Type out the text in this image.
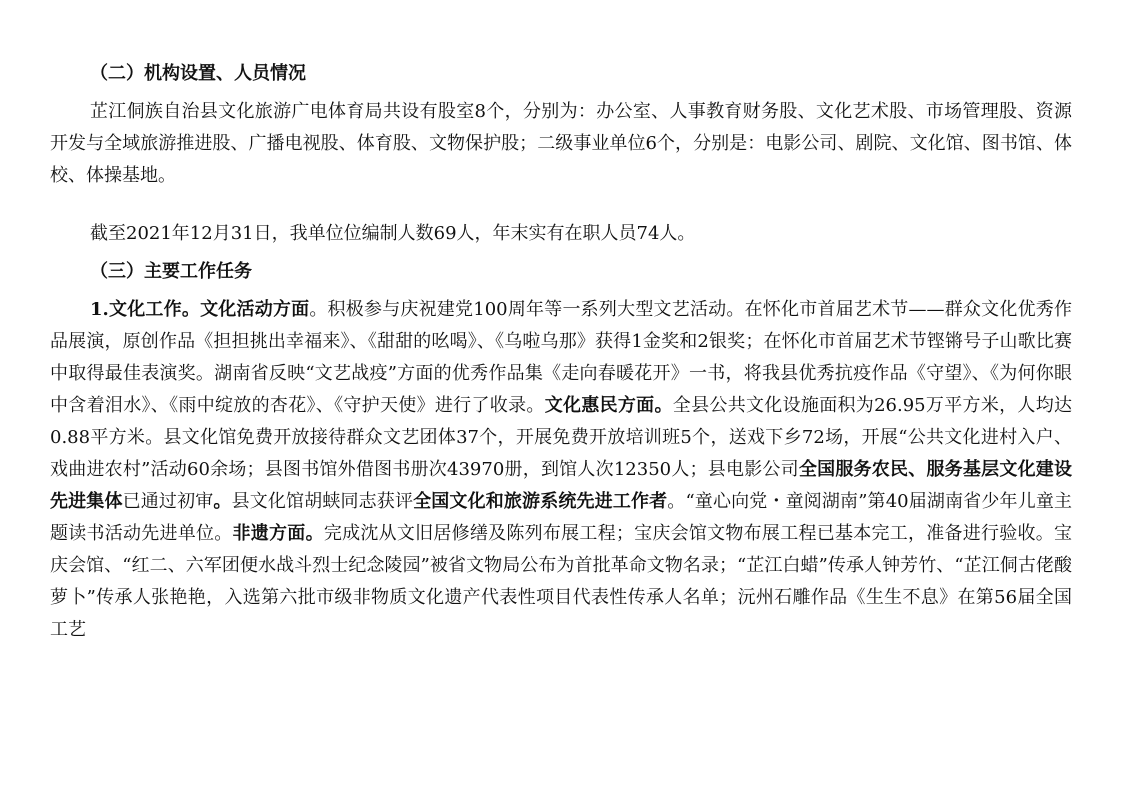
（二）机构设置、人员情况
芷江侗族自治县文化旅游广电体育局共设有股室8个，分别为：办公室、人事教育财务股、文化艺术股、市场管理股、资源开发与全域旅游推进股、广播电视股、体育股、文物保护股；二级事业单位6个，分别是：电影公司、剧院、文化馆、图书馆、体校、体操基地。
截至2021年12月31日，我单位位编制人数69人，年末实有在职人员74人。
（三）主要工作任务
1.文化工作。文化活动方面。积极参与庆祝建党100周年等一系列大型文艺活动。在怀化市首届艺术节——群众文化优秀作品展演，原创作品《担担挑出幸福来》、《甜甜的吆喝》、《乌啦乌那》获得1金奖和2银奖；在怀化市首届艺术节铿锵号子山歌比赛中取得最佳表演奖。湖南省反映“文艺战疫”方面的优秀作品集《走向春暖花开》一书，将我县优秀抗疫作品《守望》、《为何你眼中含着泪水》、《雨中绽放的杏花》、《守护天使》进行了收录。文化惠民方面。全县公共文化设施面积为26.95万平方米，人均达0.88平方米。县文化馆免费开放接待群众文艺团体37个，开展免费开放培训班5个，送戏下乡72场，开展“公共文化进村入户、戏曲进农村”活动60余场；县图书馆外借图书册次43970册，到馆人次12350人；县电影公司全国服务农民、服务基层文化建设先进集体已通过初审。县文化馆胡蛱同志获评全国文化和旅游系统先进工作者。“童心向党・童阅湖南”第40届湖南省少年儿童主题读书活动先进单位。非遗方面。完成沈从文旧居修缮及陈列布展工程；宝庆会馆文物布展工程已基本完工，准备进行验收。宝庆会馆、“红二、六军团便水战斗烈士纪念陵园”被省文物局公布为首批革命文物名录；“芷江白蜡”传承人钟芳竹、“芷江侗古佬酸萝卜”传承人张艳艳，入选第六批市级非物质文化遗产代表性项目代表性传承人名单；沅州石雕作品《生生不息》在第56届全国工艺
